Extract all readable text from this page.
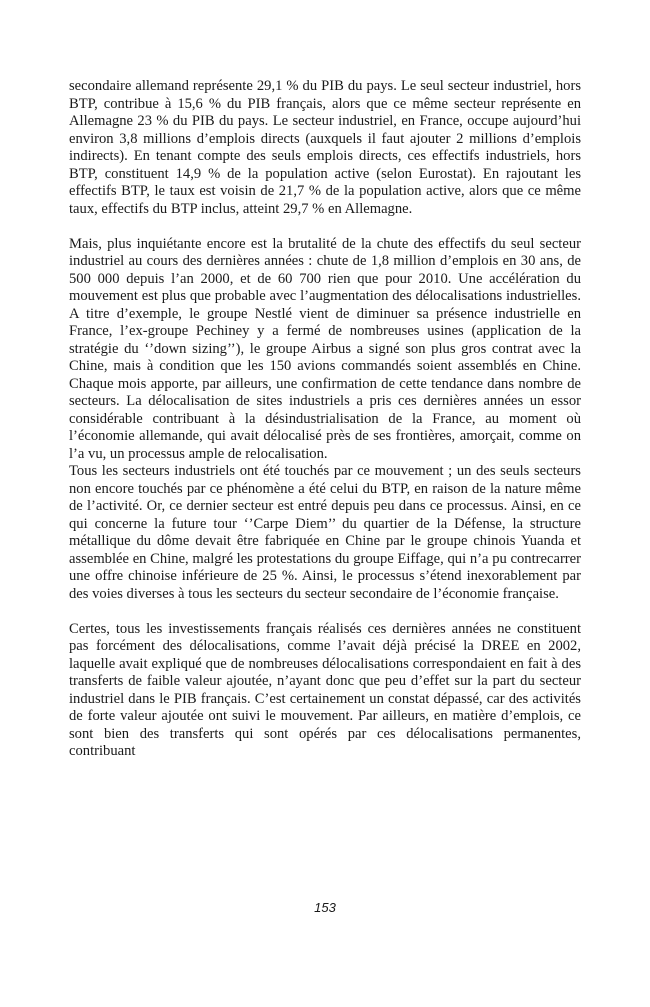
secondaire allemand représente 29,1 % du PIB du pays. Le seul secteur industriel, hors BTP, contribue à 15,6 % du PIB français, alors que ce même secteur représente en Allemagne 23 % du PIB du pays. Le secteur industriel, en France, occupe aujourd’hui environ 3,8 millions d’emplois directs (auxquels il faut ajouter 2 millions d’emplois indirects). En tenant compte des seuls emplois directs, ces effectifs industriels, hors BTP, constituent 14,9 % de la population active (selon Eurostat). En rajoutant les effectifs BTP, le taux est voisin de 21,7 % de la population active, alors que ce même taux, effectifs du BTP inclus, atteint 29,7 % en Allemagne.

Mais, plus inquiétante encore est la brutalité de la chute des effectifs du seul secteur industriel au cours des dernières années : chute de 1,8 million d’emplois en 30 ans, de 500 000 depuis l’an 2000, et de 60 700 rien que pour 2010. Une accélération du mouvement est plus que probable avec l’augmentation des délocalisations industrielles. A titre d’exemple, le groupe Nestlé vient de diminuer sa présence industrielle en France, l’ex-groupe Pechiney y a fermé de nombreuses usines (application de la stratégie du ‘’down sizing’’), le groupe Airbus a signé son plus gros contrat avec la Chine, mais à condition que les 150 avions commandés soient assemblés en Chine. Chaque mois apporte, par ailleurs, une confirmation de cette tendance dans nombre de secteurs. La délocalisation de sites industriels a pris ces dernières années un essor considérable contribuant à la désindustrialisation de la France, au moment où l’économie allemande, qui avait délocalisé près de ses frontières, amorçait, comme on l’a vu, un processus ample de relocalisation.

Tous les secteurs industriels ont été touchés par ce mouvement ; un des seuls secteurs non encore touchés par ce phénomène a été celui du BTP, en raison de la nature même de l’activité. Or, ce dernier secteur est entré depuis peu dans ce processus. Ainsi, en ce qui concerne la future tour ‘’Carpe Diem’’ du quartier de la Défense, la structure métallique du dôme devait être fabriquée en Chine par le groupe chinois Yuanda et assemblée en Chine, malgré les protestations du groupe Eiffage, qui n’a pu contrecarrer une offre chinoise inférieure de 25 %. Ainsi, le processus s’étend inexorablement par des voies diverses à tous les secteurs du secteur secondaire de l’économie française.

Certes, tous les investissements français réalisés ces dernières années ne constituent pas forcément des délocalisations, comme l’avait déjà précisé la DREE en 2002, laquelle avait expliqué que de nombreuses délocalisations correspondaient en fait à des transferts de faible valeur ajoutée, n’ayant donc que peu d’effet sur la part du secteur industriel dans le PIB français. C’est certainement un constat dépassé, car des activités de forte valeur ajoutée ont suivi le mouvement. Par ailleurs, en matière d’emplois, ce sont bien des transferts qui sont opérés par ces délocalisations permanentes, contribuant

153
